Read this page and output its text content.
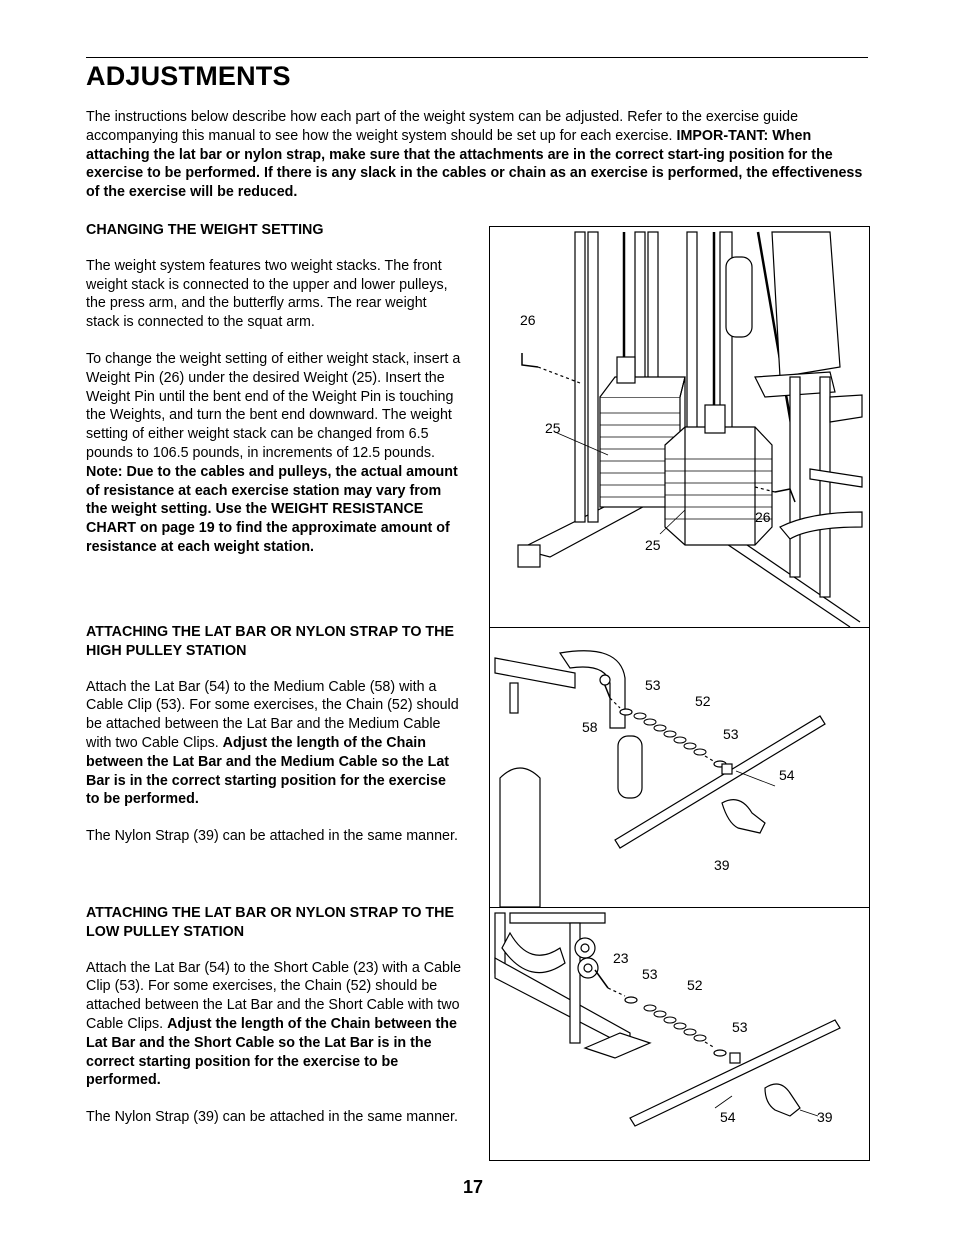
ADJUSTMENTS
The instructions below describe how each part of the weight system can be adjusted. Refer to the exercise guide accompanying this manual to see how the weight system should be set up for each exercise. IMPOR-TANT: When attaching the lat bar or nylon strap, make sure that the attachments are in the correct start-ing position for the exercise to be performed. If there is any slack in the cables or chain as an exercise is performed, the effectiveness of the exercise will be reduced.
CHANGING THE WEIGHT SETTING

The weight system features two weight stacks. The front weight stack is connected to the upper and lower pulleys, the press arm, and the butterfly arms. The rear weight stack is connected to the squat arm.

To change the weight setting of either weight stack, insert a Weight Pin (26) under the desired Weight (25). Insert the Weight Pin until the bent end of the Weight Pin is touching the Weights, and turn the bent end downward. The weight setting of either weight stack can be changed from 6.5 pounds to 106.5 pounds, in increments of 12.5 pounds. Note: Due to the cables and pulleys, the actual amount of resistance at each exercise station may vary from the weight setting. Use the WEIGHT RESISTANCE CHART on page 19 to find the approximate amount of resistance at each weight station.

ATTACHING THE LAT BAR OR NYLON STRAP TO THE HIGH PULLEY STATION

Attach the Lat Bar (54) to the Medium Cable (58) with a Cable Clip (53). For some exercises, the Chain (52) should be attached between the Lat Bar and the Medium Cable with two Cable Clips. Adjust the length of the Chain between the Lat Bar and the Medium Cable so the Lat Bar is in the correct starting position for the exercise to be performed.

The Nylon Strap (39) can be attached in the same manner.

ATTACHING THE LAT BAR OR NYLON STRAP TO THE LOW PULLEY STATION

Attach the Lat Bar (54) to the Short Cable (23) with a Cable Clip (53). For some exercises, the Chain (52) should be attached between the Lat Bar and the Short Cable with two Cable Clips. Adjust the length of the Chain between the Lat Bar and the Short Cable so the Lat Bar is in the correct starting position for the exercise to be performed.

The Nylon Strap (39) can be attached in the same manner.

26
25
25
26
53
52
58	53
54
39
23
53
52
53
54	39
17
